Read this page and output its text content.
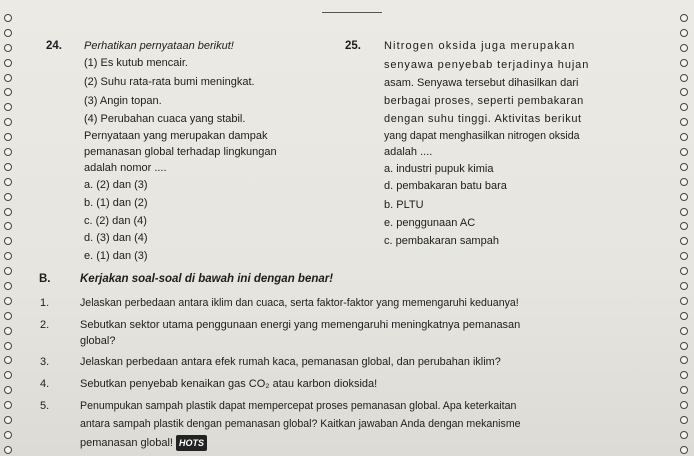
24. Perhatikan pernyataan berikut!
(1) Es kutub mencair.
(2) Suhu rata-rata bumi meningkat.
(3) Angin topan.
(4) Perubahan cuaca yang stabil.
Pernyataan yang merupakan dampak
pemanasan global terhadap lingkungan
adalah nomor ....
a. (2) dan (3)
b. (1) dan (2)
c. (2) dan (4)
d. (3) dan (4)
e. (1) dan (3)
25. Nitrogen oksida juga merupakan
senyawa penyebab terjadinya hujan
asam. Senyawa tersebut dihasilkan dari
berbagai proses, seperti pembakaran
dengan suhu tinggi. Aktivitas berikut
yang dapat menghasilkan nitrogen oksida
adalah ....
a. industri pupuk kimia
d. pembakaran batu bara
b. PLTU
e. penggunaan AC
c. pembakaran sampah
B.	Kerjakan soal-soal di bawah ini dengan benar!
1.	Jelaskan perbedaan antara iklim dan cuaca, serta faktor-faktor yang memengaruhi keduanya!
2.	Sebutkan sektor utama penggunaan energi yang memengaruhi meningkatnya pemanasan
global?
3.	Jelaskan perbedaan antara efek rumah kaca, pemanasan global, dan perubahan iklim?
4.	Sebutkan penyebab kenaikan gas CO₂ atau karbon dioksida!
5.	Penumpukan sampah plastik dapat mempercepat proses pemanasan global. Apa keterkaitan
antara sampah plastik dengan pemanasan global? Kaitkan jawaban Anda dengan mekanisme
pemanasan global! HOTS
